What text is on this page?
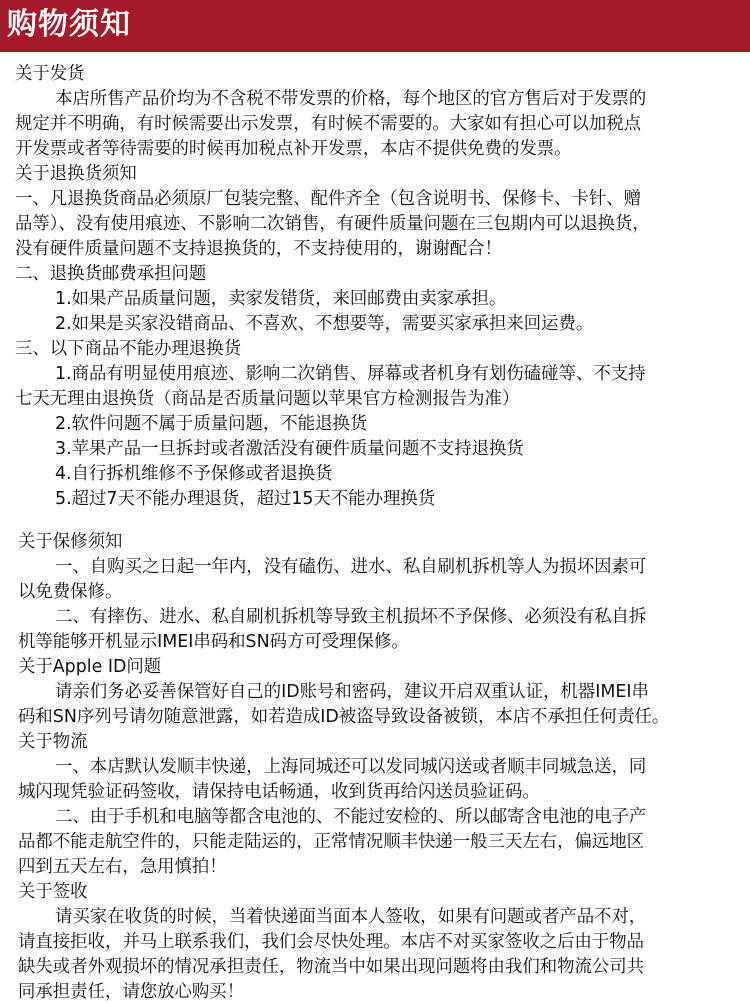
购物须知
关于发货
本店所售产品价均为不含税不带发票的价格，每个地区的官方售后对于发票的
规定并不明确，有时候需要出示发票，有时候不需要的。大家如有担心可以加税点
开发票或者等待需要的时候再加税点补开发票，本店不提供免费的发票。
关于退换货须知
一、凡退换货商品必须原厂包装完整、配件齐全（包含说明书、保修卡、卡针、赠
品等）、没有使用痕迹、不影响二次销售，有硬件质量问题在三包期内可以退换货，
没有硬件质量问题不支持退换货的，不支持使用的，谢谢配合！
二、退换货邮费承担问题
1.如果产品质量问题，卖家发错货，来回邮费由卖家承担。
2.如果是买家没错商品、不喜欢、不想要等，需要买家承担来回运费。
三、以下商品不能办理退换货
1.商品有明显使用痕迹、影响二次销售、屏幕或者机身有划伤磕碰等、不支持
七天无理由退换货（商品是否质量问题以苹果官方检测报告为准）
2.软件问题不属于质量问题，不能退换货
3.苹果产品一旦拆封或者激活没有硬件质量问题不支持退换货
4.自行拆机维修不予保修或者退换货
5.超过7天不能办理退货，超过15天不能办理换货
关于保修须知
一、自购买之日起一年内，没有磕伤、进水、私自刷机拆机等人为损坏因素可
以免费保修。
二、有摔伤、进水、私自刷机拆机等导致主机损坏不予保修、必须没有私自拆
机等能够开机显示IMEI串码和SN码方可受理保修。
关于Apple ID问题
请亲们务必妥善保管好自己的ID账号和密码，建议开启双重认证，机器IMEI串
码和SN序列号请勿随意泄露，如若造成ID被盗导致设备被锁，本店不承担任何责任。
关于物流
一、本店默认发顺丰快递，上海同城还可以发同城闪送或者顺丰同城急送，同
城闪现凭验证码签收，请保持电话畅通，收到货再给闪送员验证码。
二、由于手机和电脑等都含电池的、不能过安检的、所以邮寄含电池的电子产
品都不能走航空件的，只能走陆运的，正常情况顺丰快递一般三天左右，偏远地区
四到五天左右，急用慎拍！
关于签收
请买家在收货的时候，当着快递面当面本人签收，如果有问题或者产品不对，
请直接拒收，并马上联系我们，我们会尽快处理。本店不对买家签收之后由于物品
缺失或者外观损坏的情况承担责任，物流当中如果出现问题将由我们和物流公司共
同承担责任，请您放心购买！
